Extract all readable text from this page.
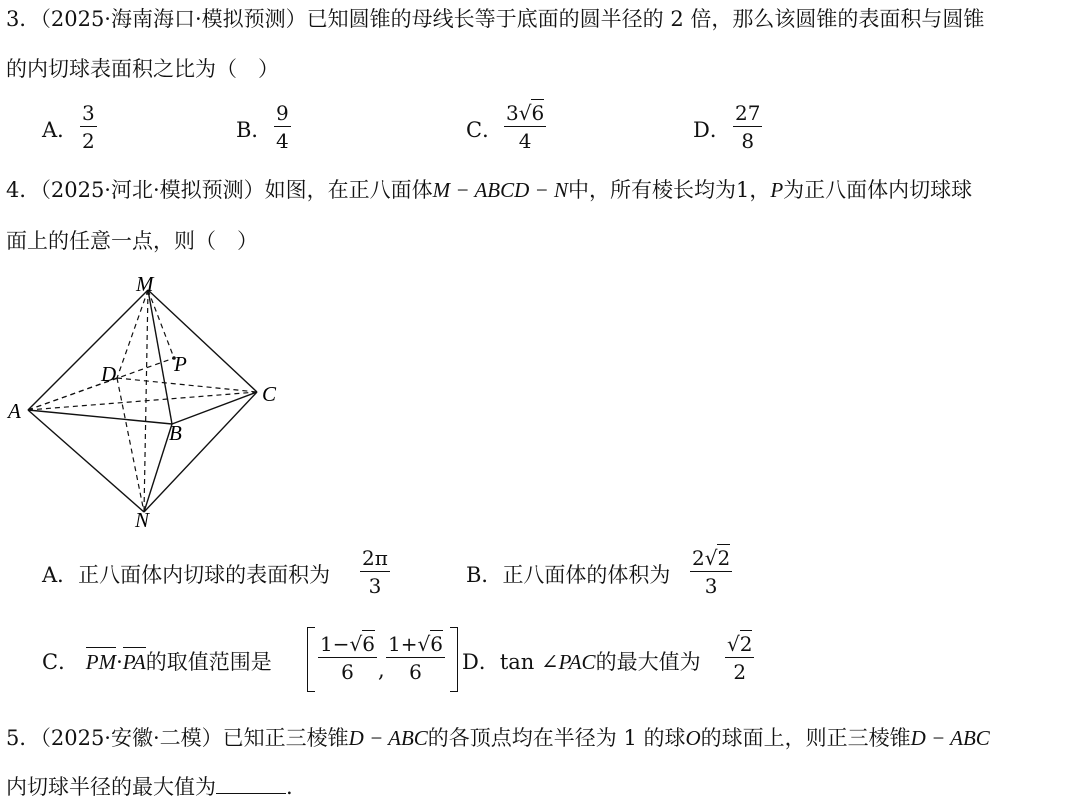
3．（2025·海南海口·模拟预测）已知圆锥的母线长等于底面的圆半径的 2 倍，那么该圆锥的表面积与圆锥
的内切球表面积之比为（　）
A． $\frac{3}{2}$	B． $\frac{9}{4}$	C． $\frac{3√6}{4}$	D． $\frac{27}{8}$
4．（2025·河北·模拟预测）如图，在正八面体M − ABCD − N中，所有棱长均为1，P为正八面体内切球球
面上的任意一点，则（　）
M
D	P
A
C
B
N
A．正八面体内切球的表面积为 $\frac{2\pi}{3}$	B．正八面体的体积为 $\frac{2√2}{3}$
C． PM·PA的取值范围是 $\frac{1-√6}{6}$ , $\frac{1+√6}{6}$ D．tan ∠PAC的最大值为 $\frac{√2}{2}$
5．（2025·安徽·二模）已知正三棱锥D − ABC的各顶点均在半径为 1 的球O的球面上，则正三棱锥D − ABC
内切球半径的最大值为	.
